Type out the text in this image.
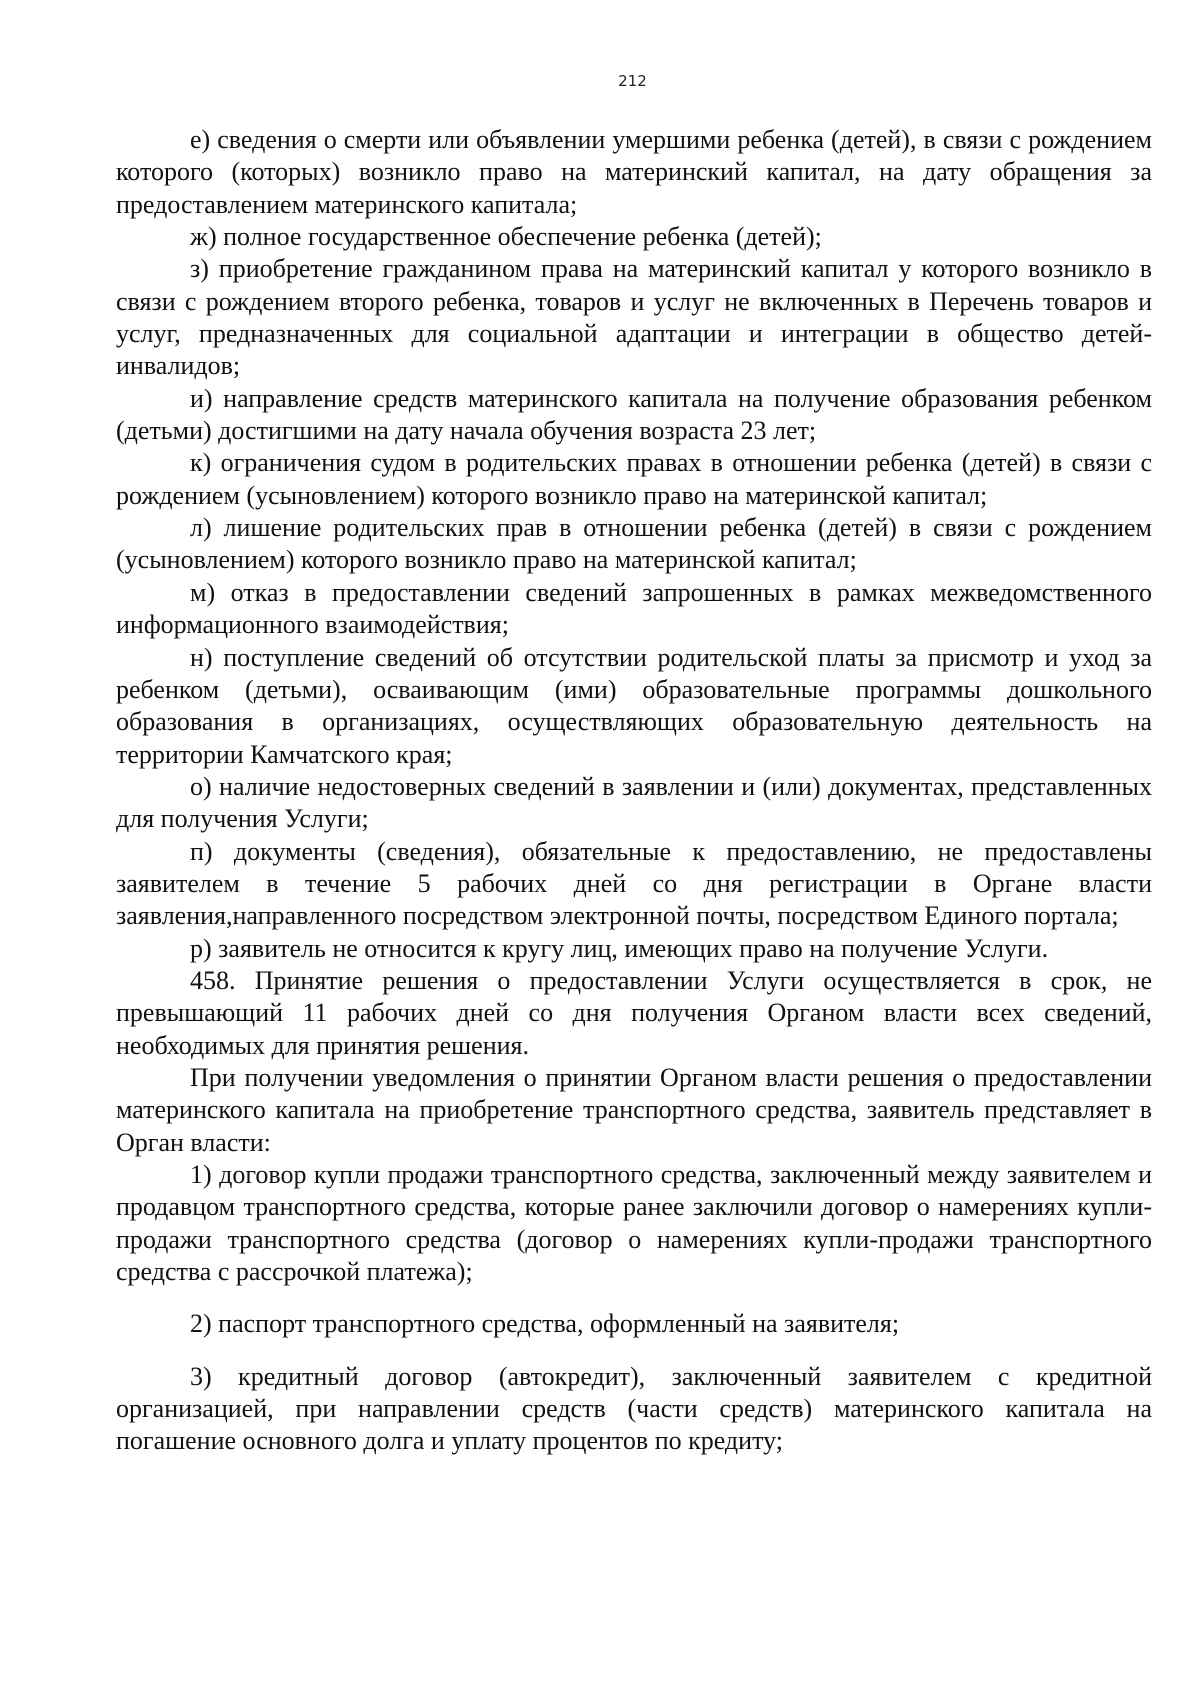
212

е) сведения о смерти или объявлении умершими ребенка (детей), в связи с рождением которого (которых) возникло право на материнский капитал, на дату обращения за предоставлением материнского капитала;

ж) полное государственное обеспечение ребенка (детей);

з) приобретение гражданином права на материнский капитал у которого возникло в связи с рождением второго ребенка, товаров и услуг не включенных в Перечень товаров и услуг, предназначенных для социальной адаптации и интеграции в общество детей-инвалидов;

и) направление средств материнского капитала на получение образования ребенком (детьми) достигшими на дату начала обучения возраста 23 лет;

к) ограничения судом в родительских правах в отношении ребенка (детей) в связи с рождением (усыновлением) которого возникло право на материнской капитал;

л) лишение родительских прав в отношении ребенка (детей) в связи с рождением (усыновлением) которого возникло право на материнской капитал;

м) отказ в предоставлении сведений запрошенных в рамках межведомственного информационного взаимодействия;

н) поступление сведений об отсутствии родительской платы за присмотр и уход за ребенком (детьми), осваивающим (ими) образовательные программы дошкольного образования в организациях, осуществляющих образовательную деятельность на территории Камчатского края;

о) наличие недостоверных сведений в заявлении и (или) документах, представленных для получения Услуги;

п) документы (сведения), обязательные к предоставлению, не предоставлены заявителем в течение 5 рабочих дней со дня регистрации в Органе власти заявления,направленного посредством электронной почты, посредством Единого портала;

р) заявитель не относится к кругу лиц, имеющих право на получение Услуги.

458. Принятие решения о предоставлении Услуги осуществляется в срок, не превышающий 11 рабочих дней со дня получения Органом власти всех сведений, необходимых для принятия решения.

При получении уведомления о принятии Органом власти решения о предоставлении материнского капитала на приобретение транспортного средства, заявитель представляет в Орган власти:

1) договор купли продажи транспортного средства, заключенный между заявителем и продавцом транспортного средства, которые ранее заключили договор о намерениях купли-продажи транспортного средства (договор о намерениях купли-продажи транспортного средства с рассрочкой платежа);

2) паспорт транспортного средства, оформленный на заявителя;

3) кредитный договор (автокредит), заключенный заявителем с кредитной организацией, при направлении средств (части средств) материнского капитала на погашение основного долга и уплату процентов по кредиту;
